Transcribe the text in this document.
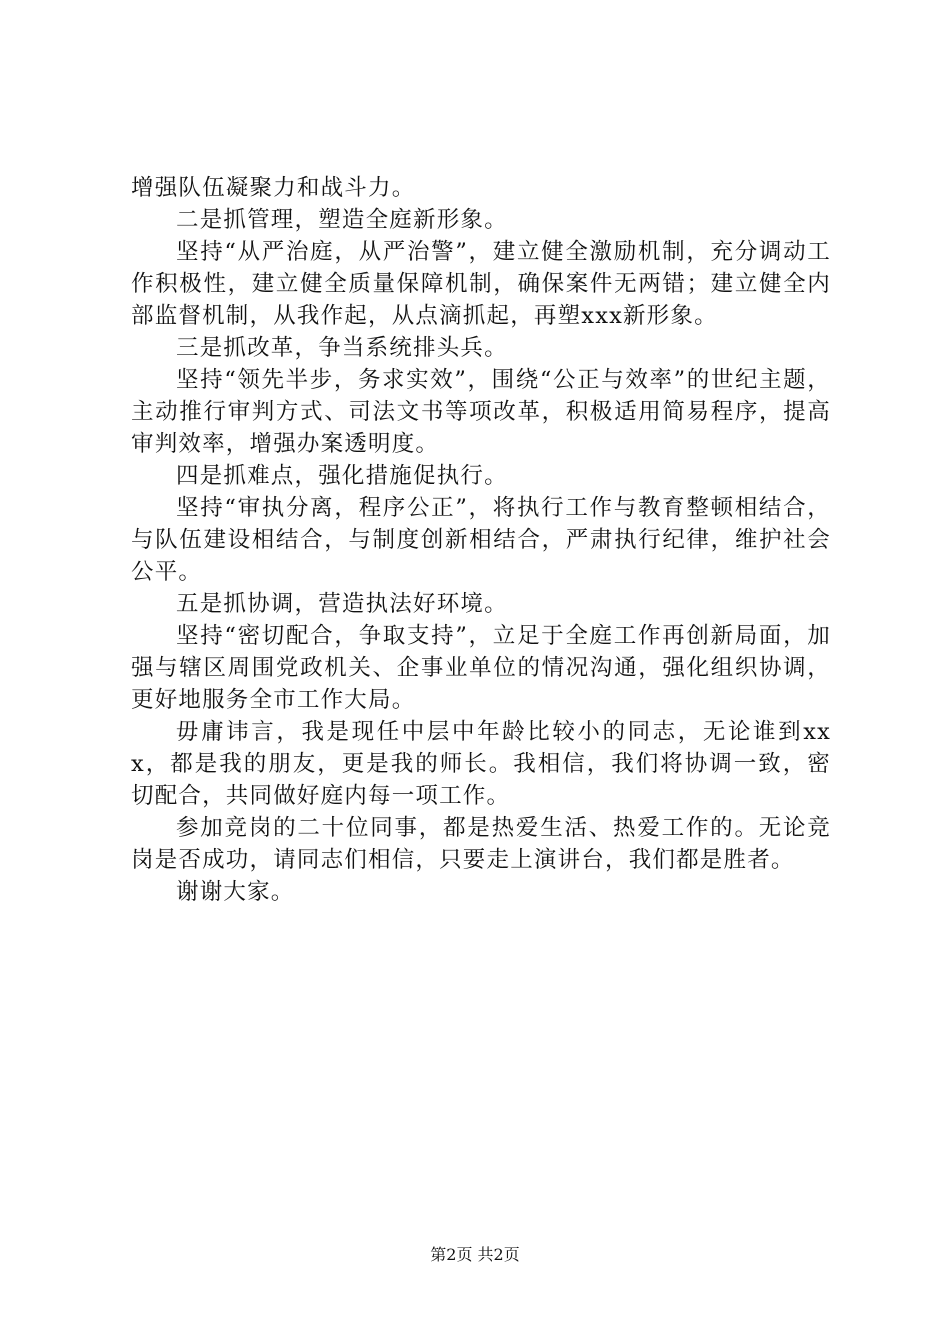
增强队伍凝聚力和战斗力。

二是抓管理，塑造全庭新形象。

坚持“从严治庭，从严治警”，建立健全激励机制，充分调动工作积极性，建立健全质量保障机制，确保案件无两错；建立健全内部监督机制，从我作起，从点滴抓起，再塑xxx新形象。

三是抓改革，争当系统排头兵。

坚持“领先半步，务求实效”，围绕“公正与效率”的世纪主题，主动推行审判方式、司法文书等项改革，积极适用简易程序，提高审判效率，增强办案透明度。

四是抓难点，强化措施促执行。

坚持“审执分离，程序公正”，将执行工作与教育整顿相结合，与队伍建设相结合，与制度创新相结合，严肃执行纪律，维护社会公平。

五是抓协调，营造执法好环境。

坚持“密切配合，争取支持”，立足于全庭工作再创新局面，加强与辖区周围党政机关、企事业单位的情况沟通，强化组织协调，更好地服务全市工作大局。

毋庸讳言，我是现任中层中年龄比较小的同志，无论谁到xxx，都是我的朋友，更是我的师长。我相信，我们将协调一致，密切配合，共同做好庭内每一项工作。

参加竞岗的二十位同事，都是热爱生活、热爱工作的。无论竞岗是否成功，请同志们相信，只要走上演讲台，我们都是胜者。

谢谢大家。

第2页 共2页
